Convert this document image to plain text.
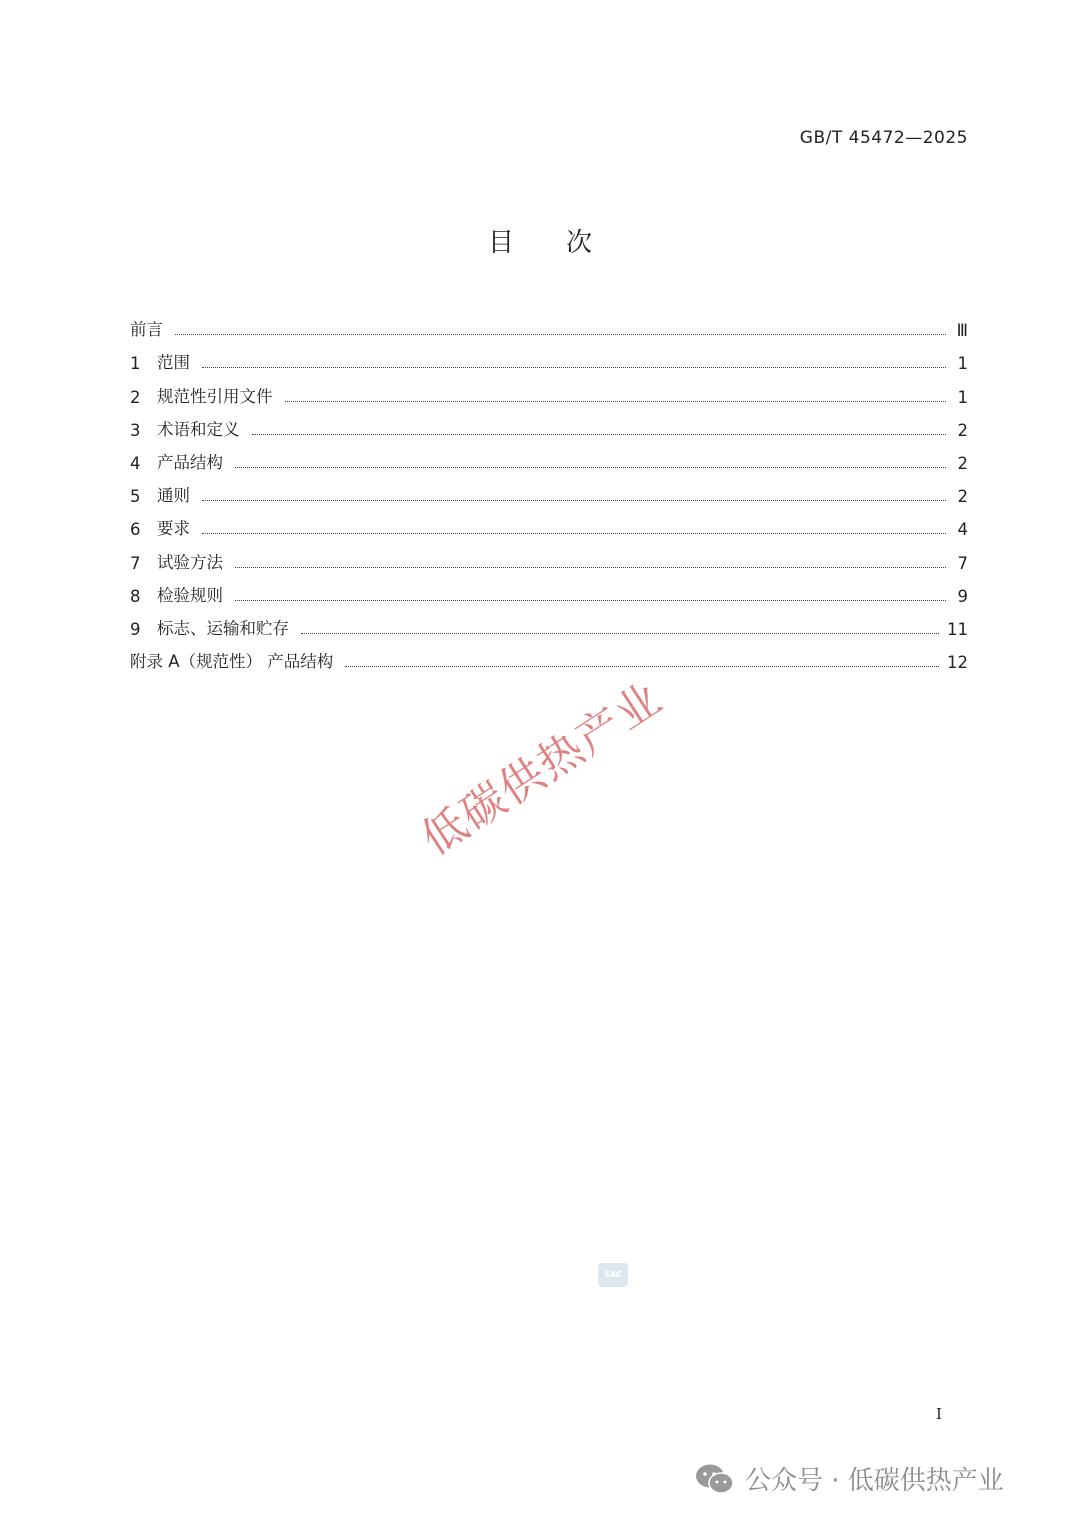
GB/T 45472—2025
目次
前言	Ⅲ
1	范围	1
2	规范性引用文件	1
3	术语和定义	2
4	产品结构	2
5	通则	2
6	要求	4
7	试验方法	7
8	检验规则	9
9	标志、运输和贮存	11
附录 A（规范性） 产品结构	12
低碳供热产业
SAC
I
公众号 · 低碳供热产业
